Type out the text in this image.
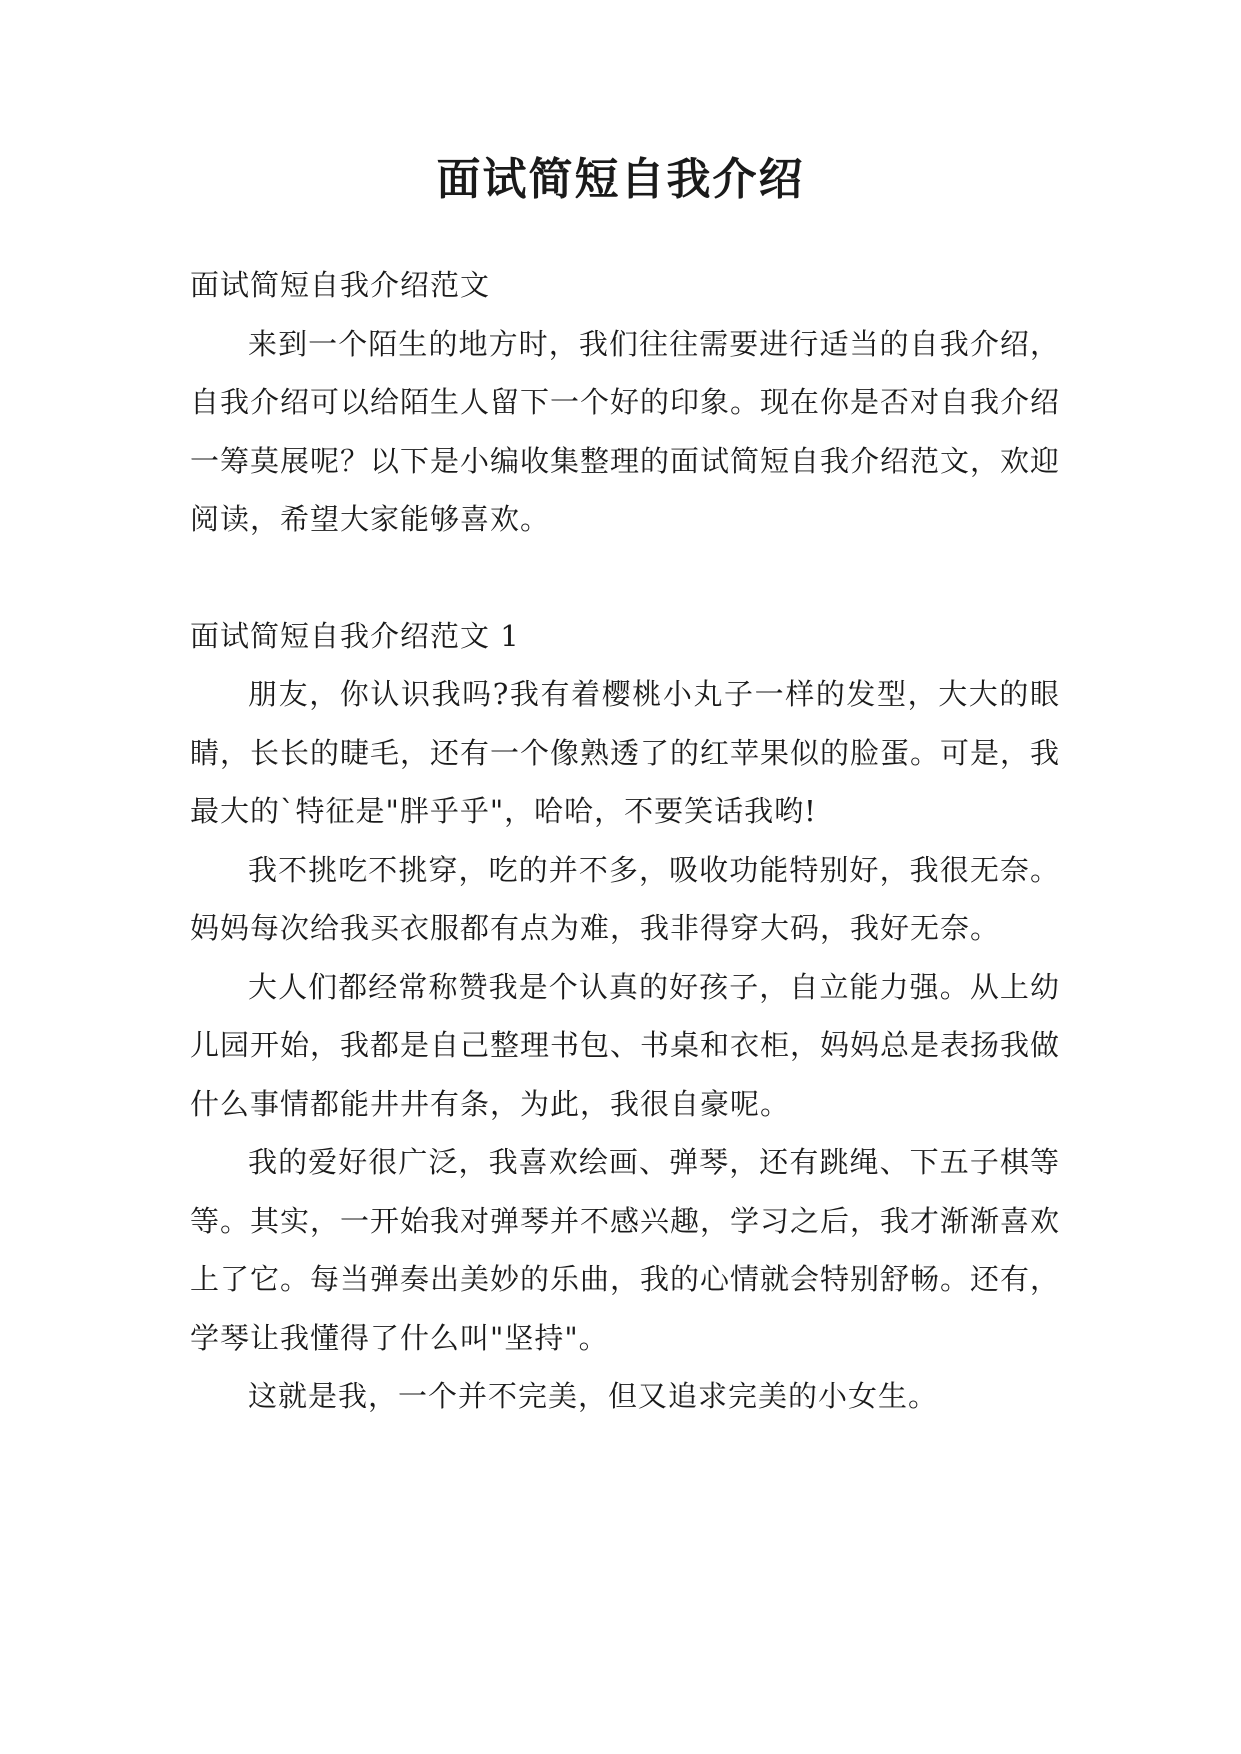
面试简短自我介绍

面试简短自我介绍范文

来到一个陌生的地方时，我们往往需要进行适当的自我介绍，自我介绍可以给陌生人留下一个好的印象。现在你是否对自我介绍一筹莫展呢？以下是小编收集整理的面试简短自我介绍范文，欢迎阅读，希望大家能够喜欢。

面试简短自我介绍范文 1

朋友，你认识我吗?我有着樱桃小丸子一样的发型，大大的眼睛，长长的睫毛，还有一个像熟透了的红苹果似的脸蛋。可是，我最大的`特征是"胖乎乎"，哈哈，不要笑话我哟!

我不挑吃不挑穿，吃的并不多，吸收功能特别好，我很无奈。妈妈每次给我买衣服都有点为难，我非得穿大码，我好无奈。

大人们都经常称赞我是个认真的好孩子，自立能力强。从上幼儿园开始，我都是自己整理书包、书桌和衣柜，妈妈总是表扬我做什么事情都能井井有条，为此，我很自豪呢。

我的爱好很广泛，我喜欢绘画、弹琴，还有跳绳、下五子棋等等。其实，一开始我对弹琴并不感兴趣，学习之后，我才渐渐喜欢上了它。每当弹奏出美妙的乐曲，我的心情就会特别舒畅。还有，学琴让我懂得了什么叫"坚持"。

这就是我，一个并不完美，但又追求完美的小女生。
